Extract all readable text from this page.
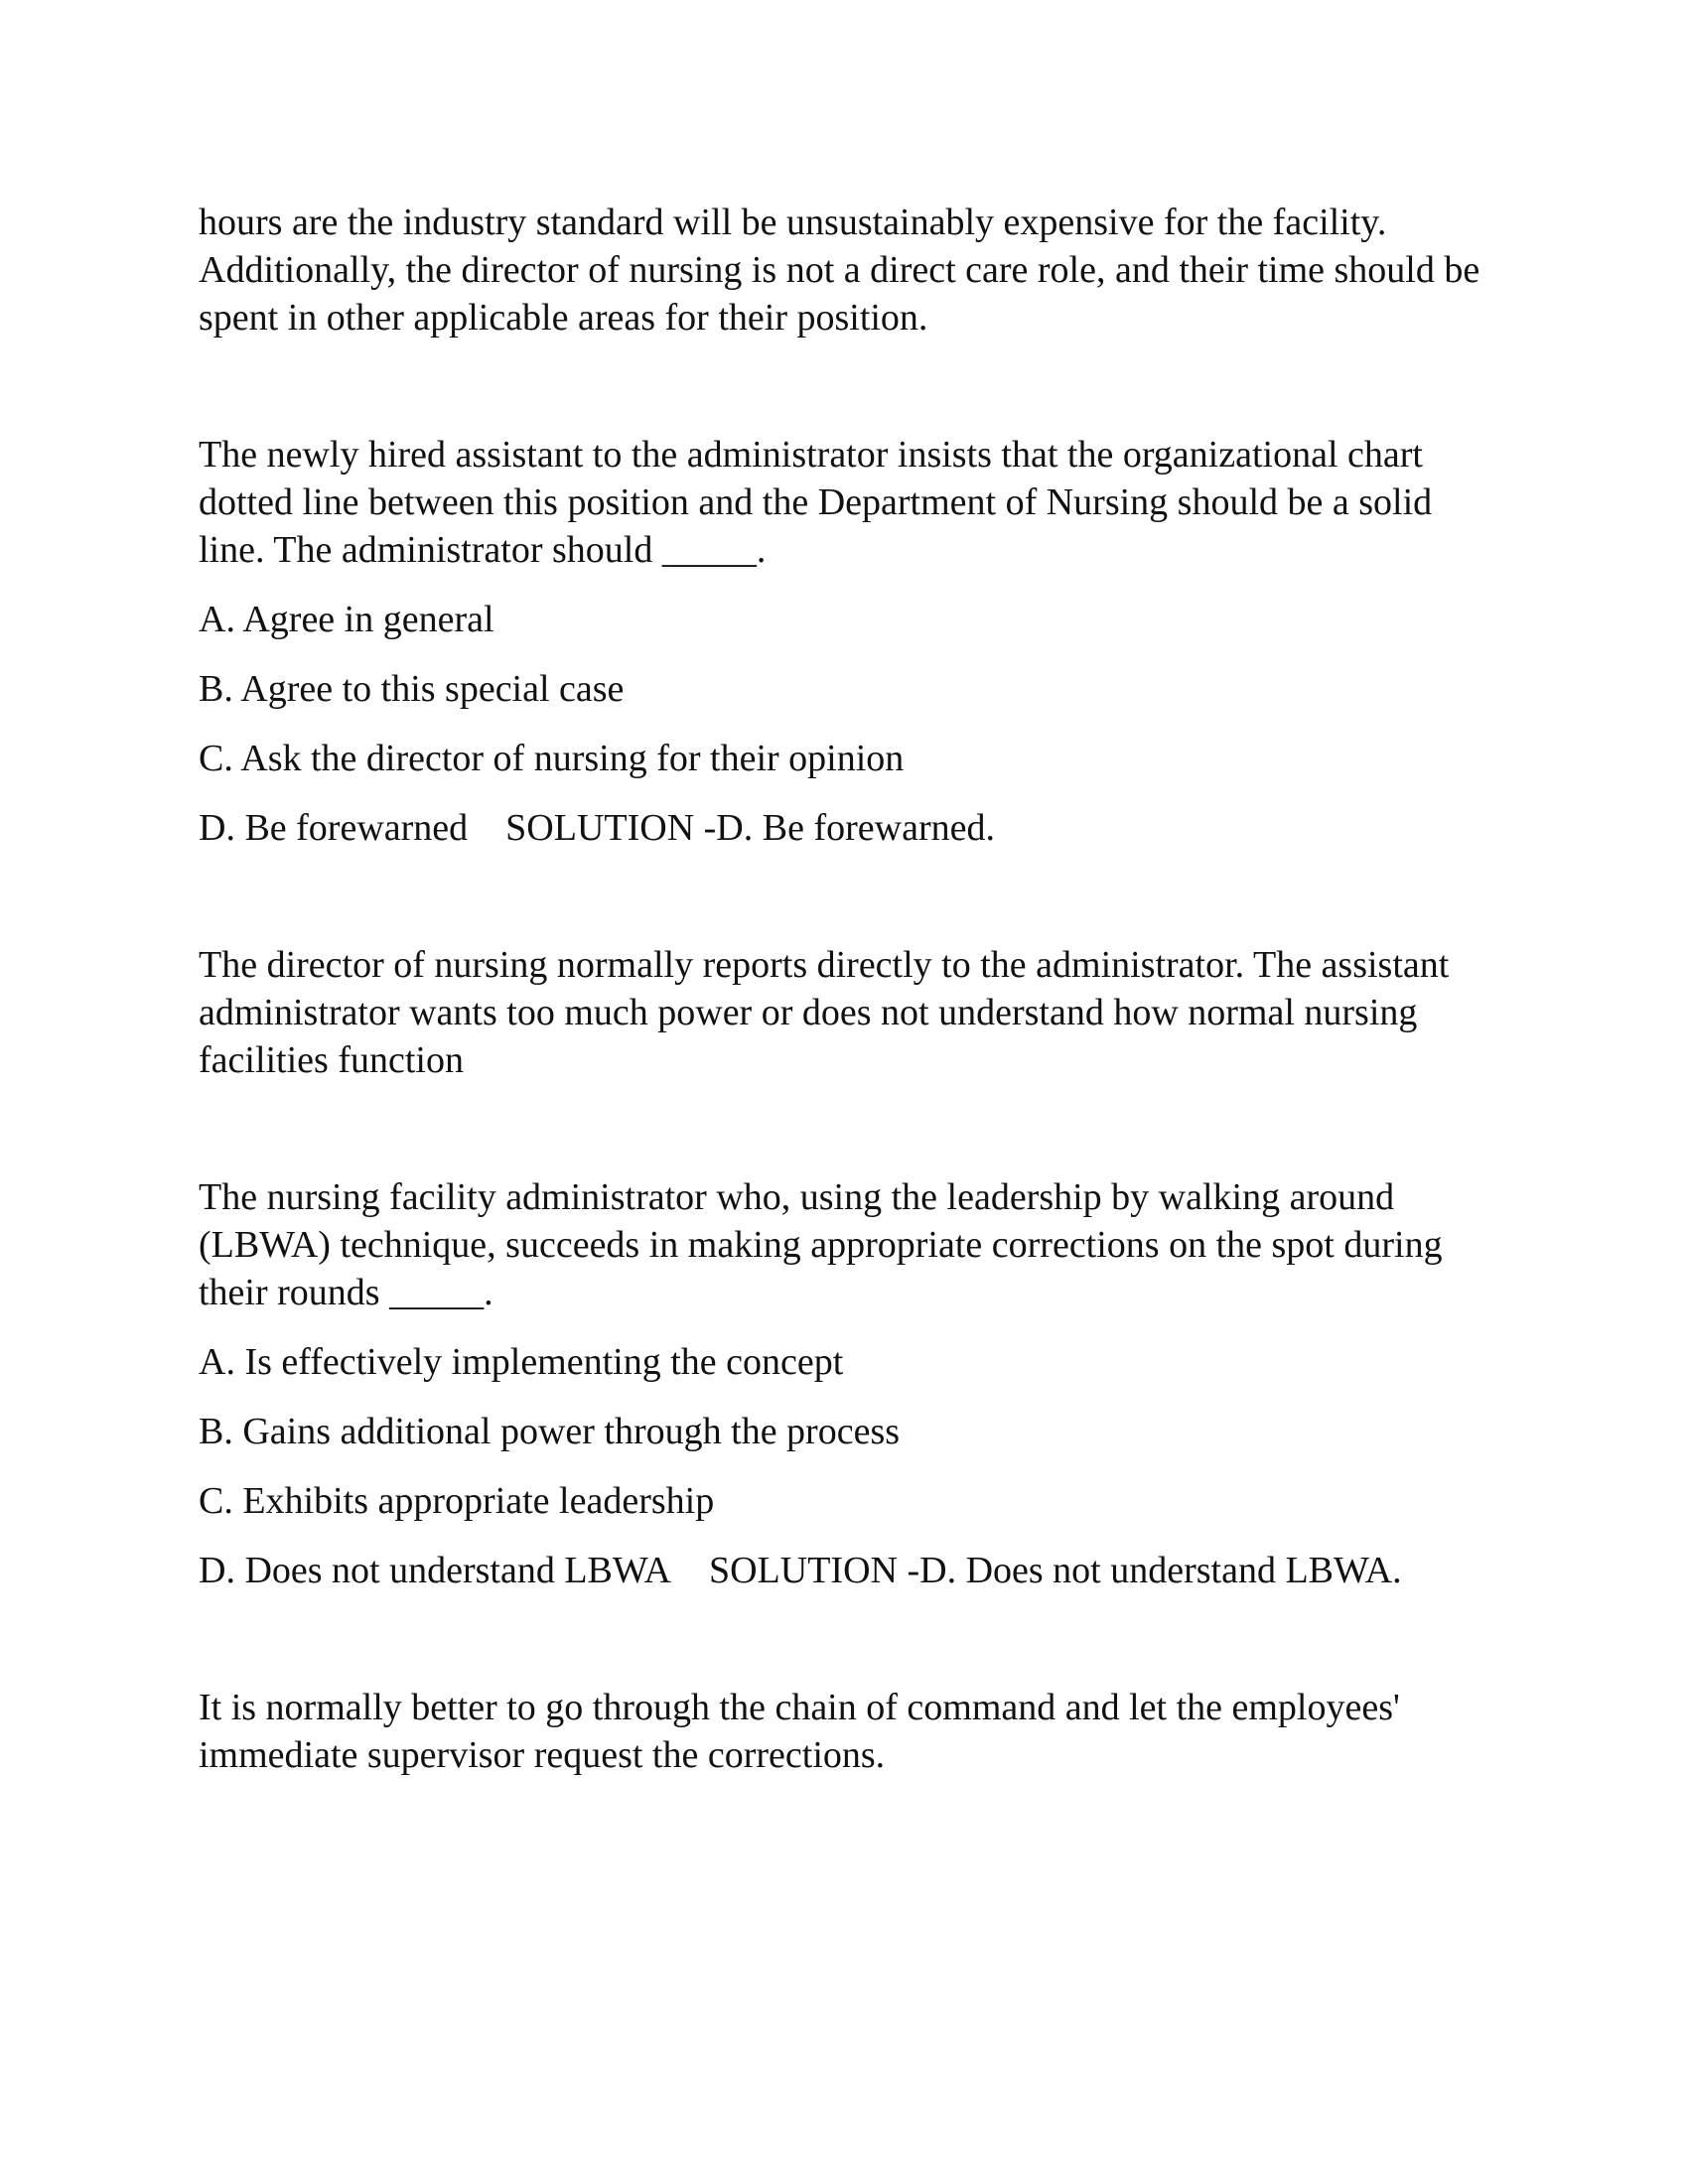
hours are the industry standard will be unsustainably expensive for the facility. Additionally, the director of nursing is not a direct care role, and their time should be spent in other applicable areas for their position.

The newly hired assistant to the administrator insists that the organizational chart dotted line between this position and the Department of Nursing should be a solid line. The administrator should _____.

A. Agree in general

B. Agree to this special case

C. Ask the director of nursing for their opinion

D. Be forewarned SOLUTION -D. Be forewarned.

The director of nursing normally reports directly to the administrator. The assistant administrator wants too much power or does not understand how normal nursing facilities function

The nursing facility administrator who, using the leadership by walking around (LBWA) technique, succeeds in making appropriate corrections on the spot during their rounds _____.

A. Is effectively implementing the concept

B. Gains additional power through the process

C. Exhibits appropriate leadership

D. Does not understand LBWA SOLUTION -D. Does not understand LBWA.

It is normally better to go through the chain of command and let the employees' immediate supervisor request the corrections.
